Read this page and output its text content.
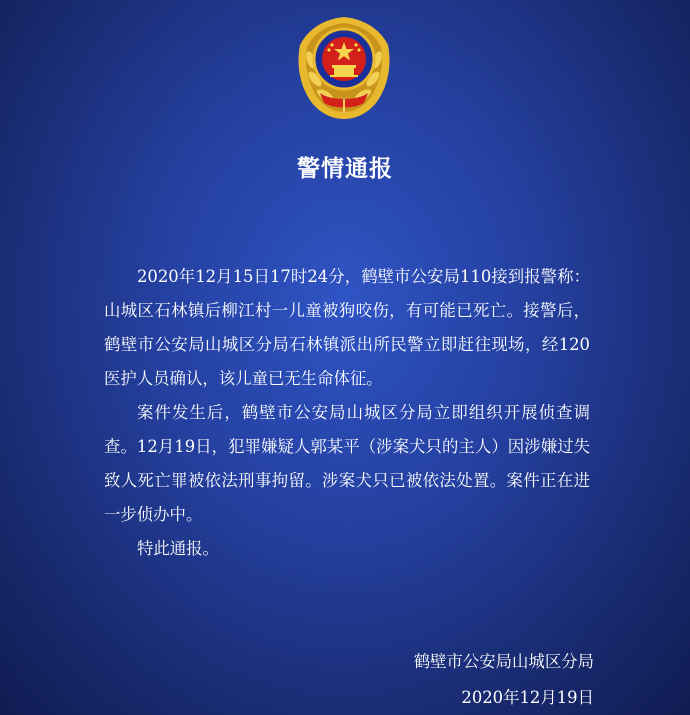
警情通报

2020年12月15日17时24分，鹤壁市公安局110接到报警称：山城区石林镇后柳江村一儿童被狗咬伤，有可能已死亡。接警后，鹤壁市公安局山城区分局石林镇派出所民警立即赶往现场，经120医护人员确认，该儿童已无生命体征。

案件发生后，鹤壁市公安局山城区分局立即组织开展侦查调查。12月19日，犯罪嫌疑人郭某平（涉案犬只的主人）因涉嫌过失致人死亡罪被依法刑事拘留。涉案犬只已被依法处置。案件正在进一步侦办中。

特此通报。

鹤壁市公安局山城区分局
2020年12月19日
